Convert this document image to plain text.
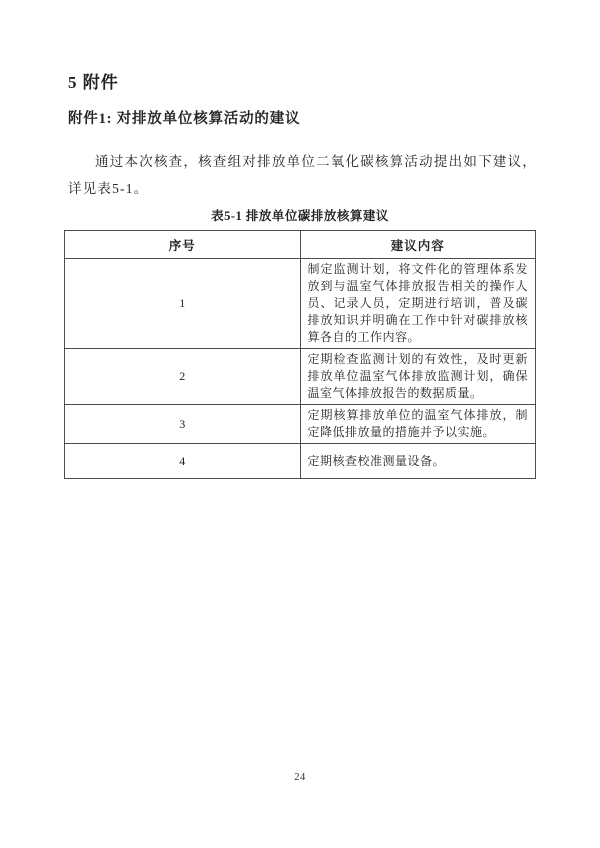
5 附件
附件1: 对排放单位核算活动的建议

通过本次核查，核查组对排放单位二氧化碳核算活动提出如下建议，详见表5-1。

表5-1 排放单位碳排放核算建议
序号	建议内容
1	制定监测计划，将文件化的管理体系发放到与温室气体排放报告相关的操作人员、记录人员，定期进行培训，普及碳排放知识并明确在工作中针对碳排放核算各自的工作内容。
2	定期检查监测计划的有效性，及时更新排放单位温室气体排放监测计划，确保温室气体排放报告的数据质量。
3	定期核算排放单位的温室气体排放，制定降低排放量的措施并予以实施。
4	定期核查校准测量设备。
24
